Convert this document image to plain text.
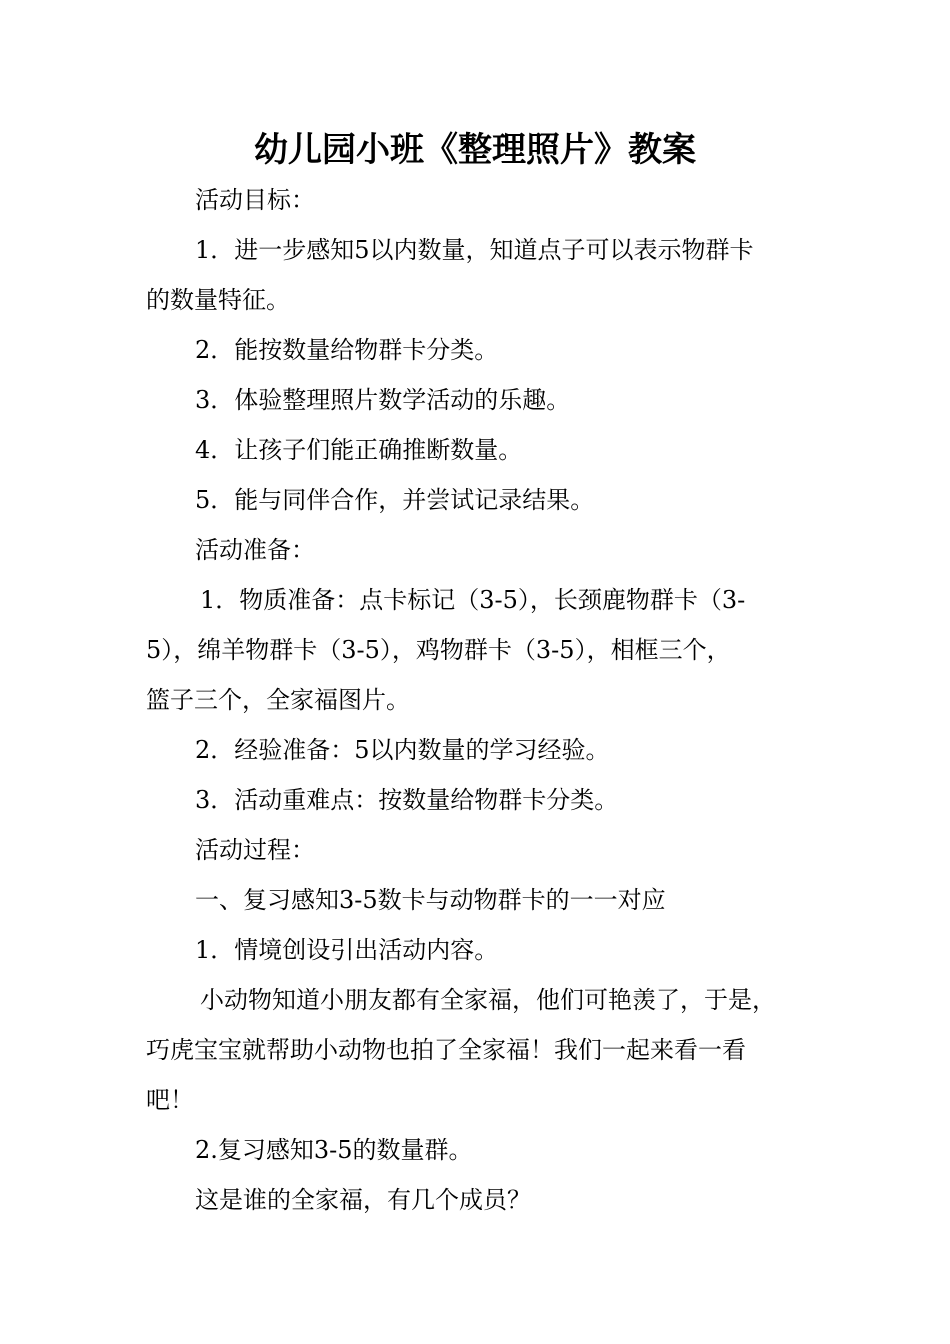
幼儿园小班《整理照片》教案
活动目标：
1．进一步感知5以内数量，知道点子可以表示物群卡
的数量特征。
2．能按数量给物群卡分类。
3．体验整理照片数学活动的乐趣。
4．让孩子们能正确推断数量。
5．能与同伴合作，并尝试记录结果。
活动准备：
1．物质准备：点卡标记（3-5），长颈鹿物群卡（3-
5），绵羊物群卡（3-5），鸡物群卡（3-5），相框三个，
篮子三个，全家福图片。
2．经验准备：5以内数量的学习经验。
3．活动重难点：按数量给物群卡分类。
活动过程：
一、复习感知3-5数卡与动物群卡的一一对应
1．情境创设引出活动内容。
小动物知道小朋友都有全家福，他们可艳羡了，于是，
巧虎宝宝就帮助小动物也拍了全家福！我们一起来看一看
吧！
2.复习感知3-5的数量群。
这是谁的全家福，有几个成员？
